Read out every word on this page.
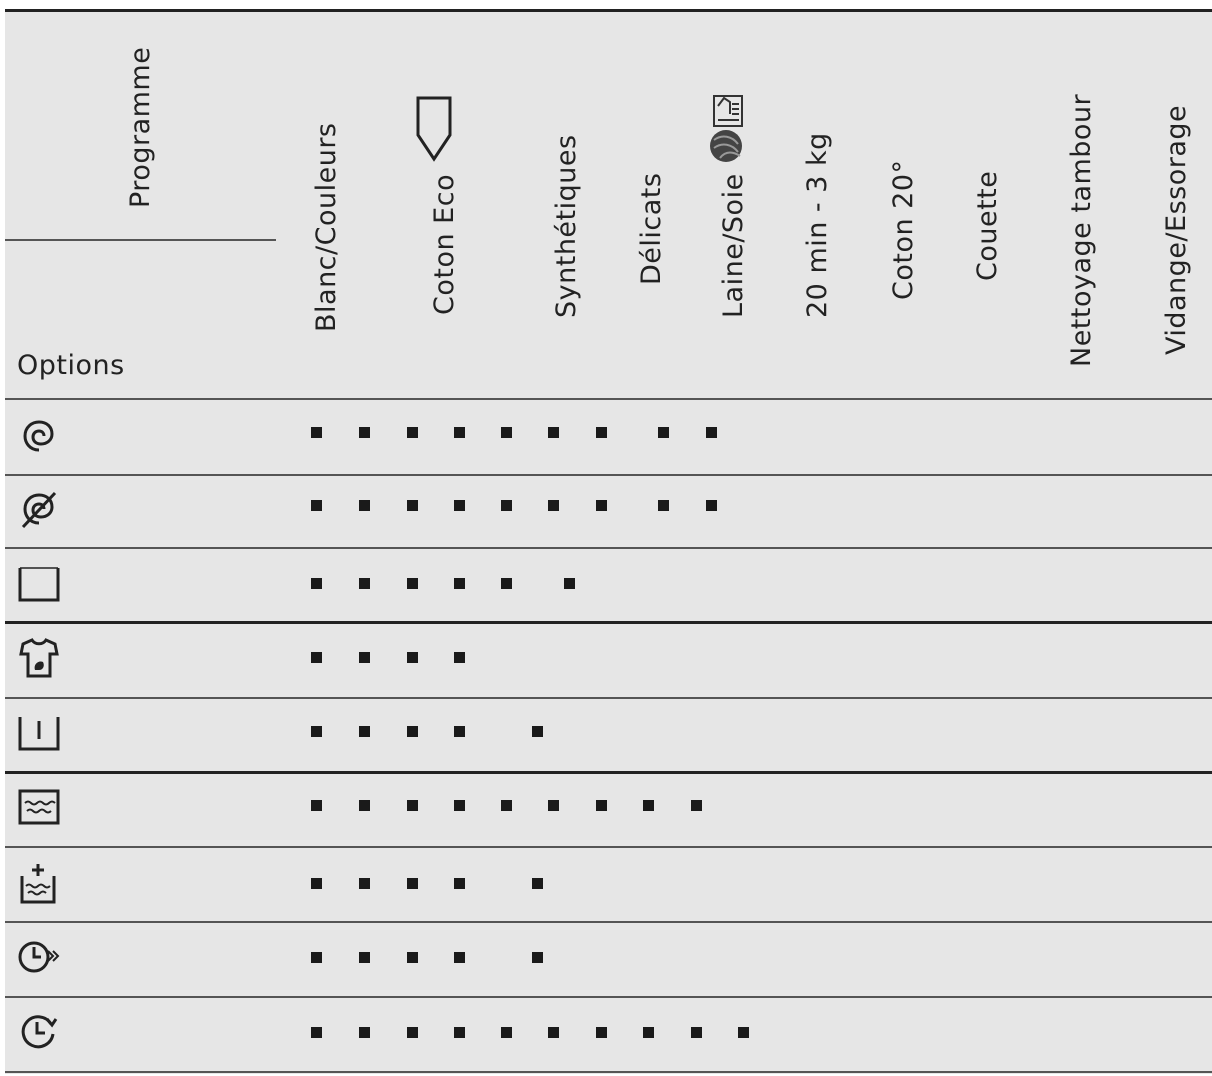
Programme
Options
Blanc/Couleurs	Coton Eco	Synthétiques Délicats Laine/Soie 20 min - 3 kg Coton 20° Couette Nettoyage tambour Vidange/Essorage
